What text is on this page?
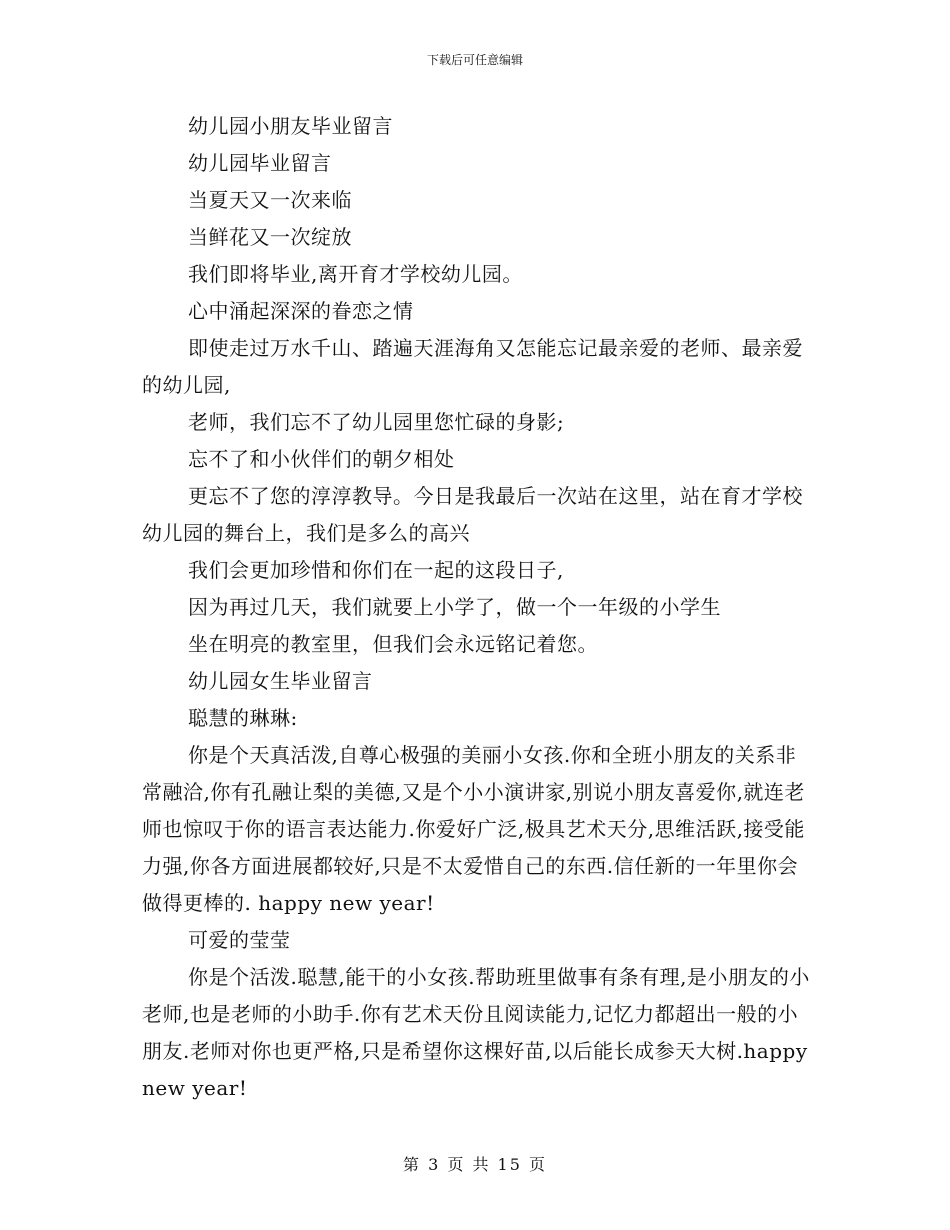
下载后可任意编辑

幼儿园小朋友毕业留言

幼儿园毕业留言

当夏天又一次来临

当鲜花又一次绽放

我们即将毕业,离开育才学校幼儿园。

心中涌起深深的眷恋之情

即使走过万水千山、踏遍天涯海角又怎能忘记最亲爱的老师、最亲爱的幼儿园,

老师，我们忘不了幼儿园里您忙碌的身影;

忘不了和小伙伴们的朝夕相处

更忘不了您的淳淳教导。今日是我最后一次站在这里，站在育才学校幼儿园的舞台上，我们是多么的高兴

我们会更加珍惜和你们在一起的这段日子,

因为再过几天，我们就要上小学了，做一个一年级的小学生

坐在明亮的教室里，但我们会永远铭记着您。

幼儿园女生毕业留言

聪慧的琳琳:

你是个天真活泼,自尊心极强的美丽小女孩.你和全班小朋友的关系非常融洽,你有孔融让梨的美德,又是个小小演讲家,别说小朋友喜爱你,就连老师也惊叹于你的语言表达能力.你爱好广泛,极具艺术天分,思维活跃,接受能力强,你各方面进展都较好,只是不太爱惜自己的东西.信任新的一年里你会做得更棒的. happy new year!

可爱的莹莹

你是个活泼.聪慧,能干的小女孩.帮助班里做事有条有理,是小朋友的小老师,也是老师的小助手.你有艺术天份且阅读能力,记忆力都超出一般的小朋友.老师对你也更严格,只是希望你这棵好苗,以后能长成参天大树.happy new year!

第 3 页 共 15 页
